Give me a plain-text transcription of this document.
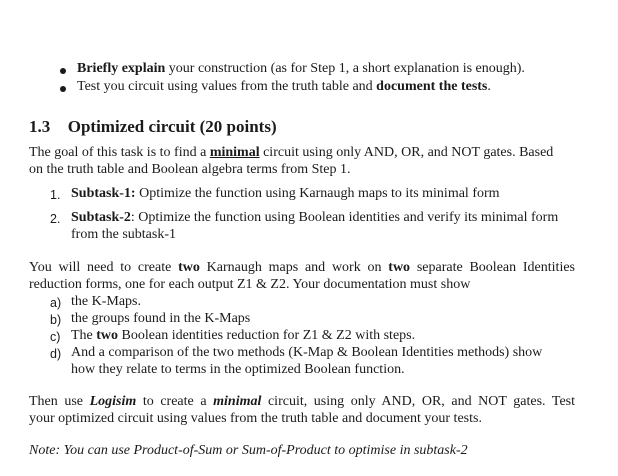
Briefly explain your construction (as for Step 1, a short explanation is enough).
Test you circuit using values from the truth table and document the tests.
1.3 Optimized circuit (20 points)
The goal of this task is to find a minimal circuit using only AND, OR, and NOT gates. Based
on the truth table and Boolean algebra terms from Step 1.
1. Subtask-1: Optimize the function using Karnaugh maps to its minimal form
2. Subtask-2: Optimize the function using Boolean identities and verify its minimal form
from the subtask-1
You will need to create two Karnaugh maps and work on two separate Boolean Identities
reduction forms, one for each output Z1 & Z2. Your documentation must show
a) the K-Maps.
b) the groups found in the K-Maps
c) The two Boolean identities reduction for Z1 & Z2 with steps.
d) And a comparison of the two methods (K-Map & Boolean Identities methods) show
how they relate to terms in the optimized Boolean function.
Then use Logisim to create a minimal circuit, using only AND, OR, and NOT gates. Test
your optimized circuit using values from the truth table and document your tests.
Note: You can use Product-of-Sum or Sum-of-Product to optimise in subtask-2
